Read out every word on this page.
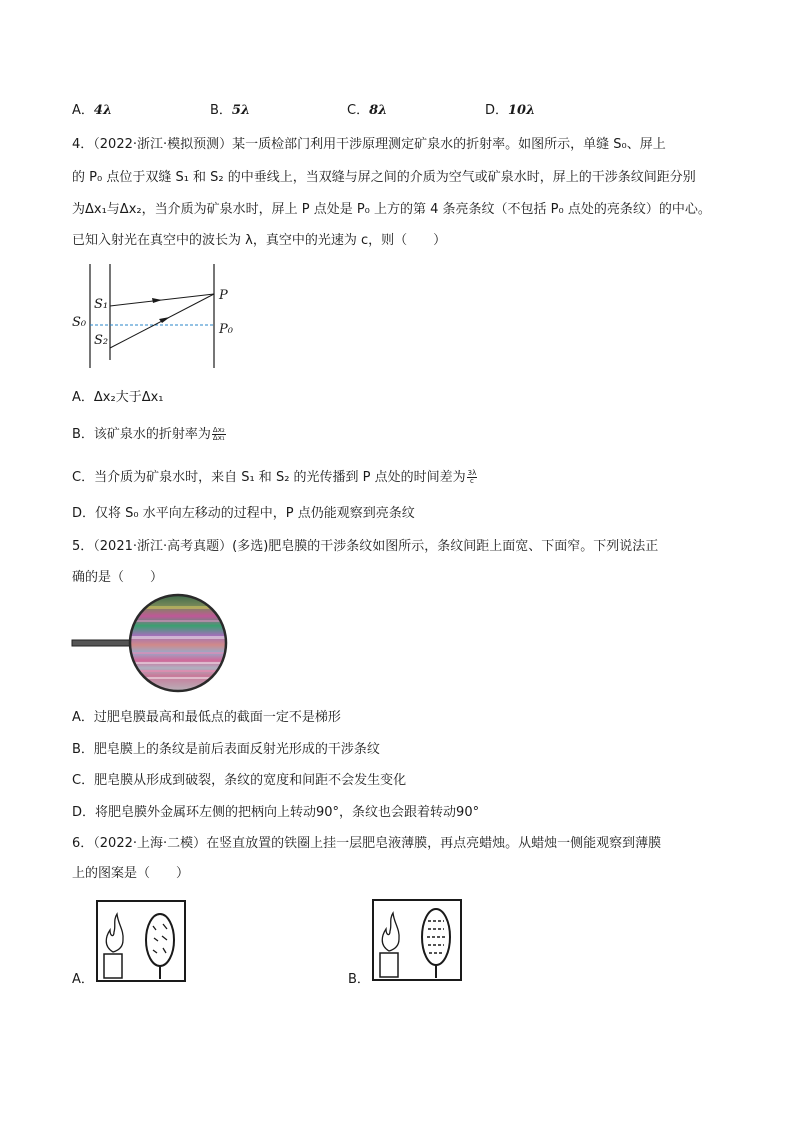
A．4λ	B．5λ	C．8λ	D．10λ
4．（2022·浙江·模拟预测）某一质检部门利用干涉原理测定矿泉水的折射率。如图所示，单缝 S₀、屏上
的 P₀ 点位于双缝 S₁ 和 S₂ 的中垂线上，当双缝与屏之间的介质为空气或矿泉水时，屏上的干涉条纹间距分别
为Δx₁与Δx₂，当介质为矿泉水时，屏上 P 点处是 P₀ 上方的第 4 条亮条纹（不包括 P₀ 点处的亮条纹）的中心。
已知入射光在真空中的波长为 λ，真空中的光速为 c，则（　　）
S₁
S₀
S₂
P
P₀
A．Δx₂大于Δx₁
B．该矿泉水的折射率为 $\frac{\text{Δx₂}}{\text{Δx₁}}$
C．当介质为矿泉水时，来自 S₁ 和 S₂ 的光传播到 P 点处的时间差为 $\frac{3\lambda}{c}$
D．仅将 S₀ 水平向左移动的过程中，P 点仍能观察到亮条纹
5．（2021·浙江·高考真题）(多选)肥皂膜的干涉条纹如图所示，条纹间距上面宽、下面窄。下列说法正
确的是（　　）
A．过肥皂膜最高和最低点的截面一定不是梯形
B．肥皂膜上的条纹是前后表面反射光形成的干涉条纹
C．肥皂膜从形成到破裂，条纹的宽度和间距不会发生变化
D．将肥皂膜外金属环左侧的把柄向上转动90°，条纹也会跟着转动90°
6．（2022·上海·二模）在竖直放置的铁圈上挂一层肥皂液薄膜，再点亮蜡烛。从蜡烛一侧能观察到薄膜
上的图案是（　　）
A．	B．
